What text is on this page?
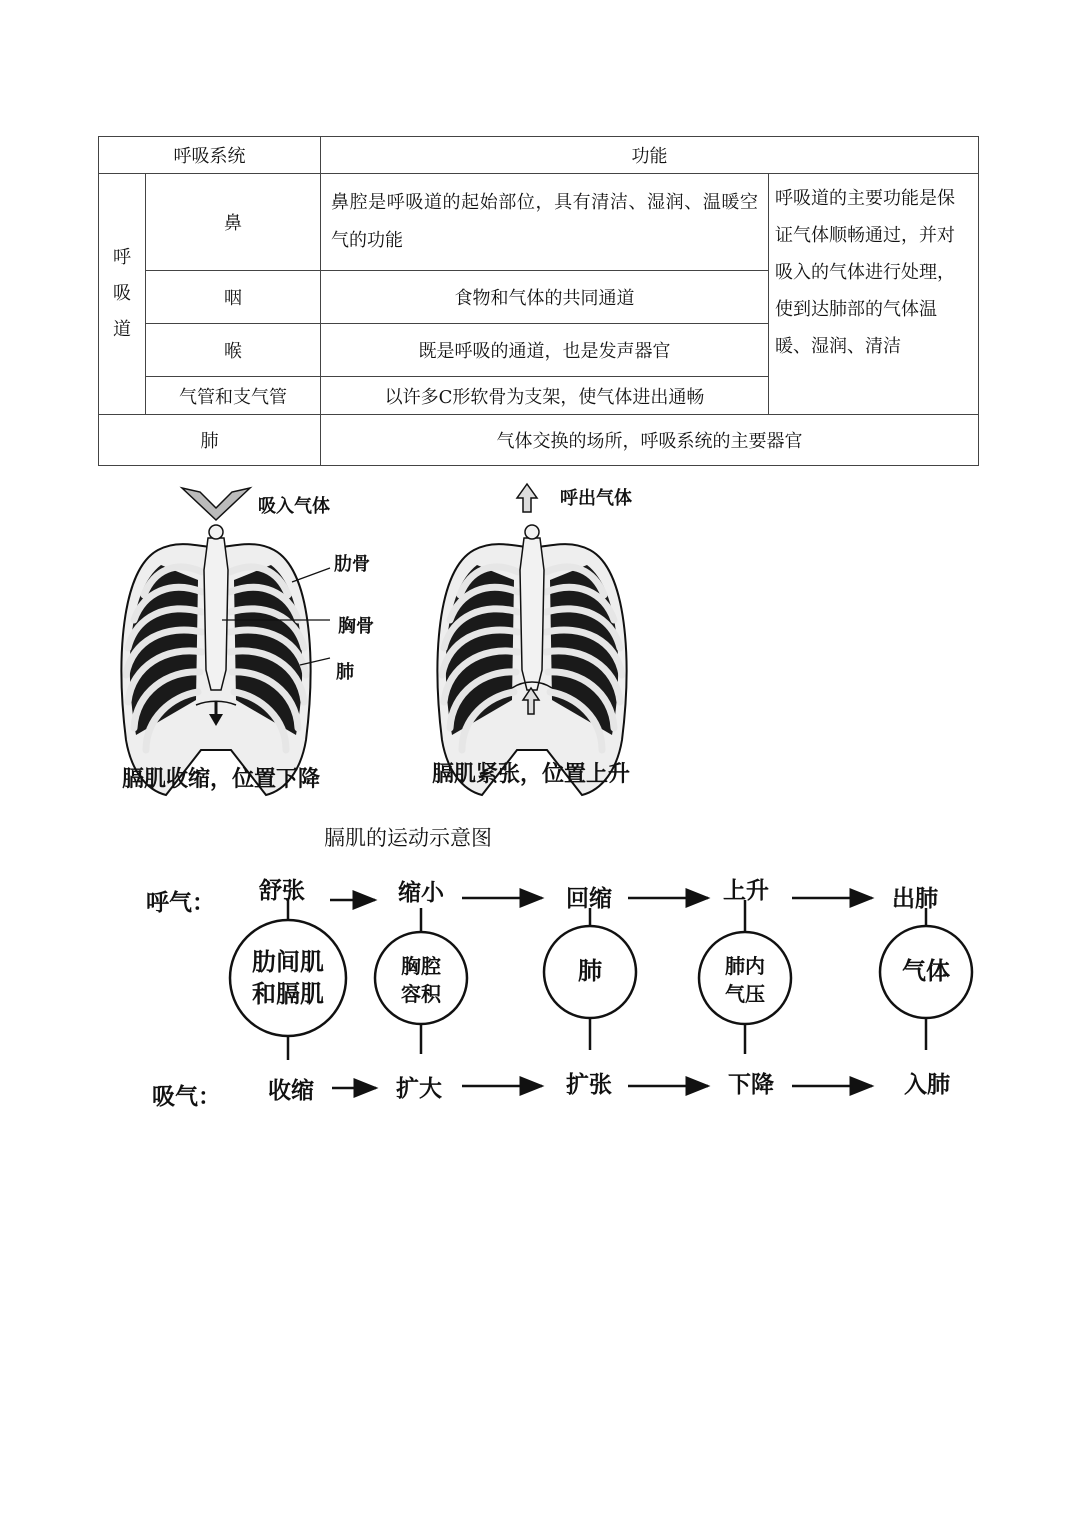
呼吸系统		功能	

呼
吸
道	鼻	鼻腔是呼吸道的起始部位，具有清洁、湿润、温暖空气的功能	呼吸道的主要功能是保证气体顺畅通过，并对吸入的气体进行处理，使到达肺部的气体温暖、湿润、清洁
	咽	食物和气体的共同通道	
	喉	既是呼吸的通道，也是发声器官	
	气管和支气管	以许多C形软骨为支架，使气体进出通畅	
肺		气体交换的场所，呼吸系统的主要器官	
吸入气体	呼出气体
肋骨
胸骨
肺
膈肌收缩，位置下降	膈肌紧张，位置上升
膈肌的运动示意图
呼气：
吸气：
舒张	缩小	回缩	上升	出肺
收缩	扩大	扩张	下降	入肺
肋间肌
和膈肌
胸腔
容积
肺	肺内
气压
气体
